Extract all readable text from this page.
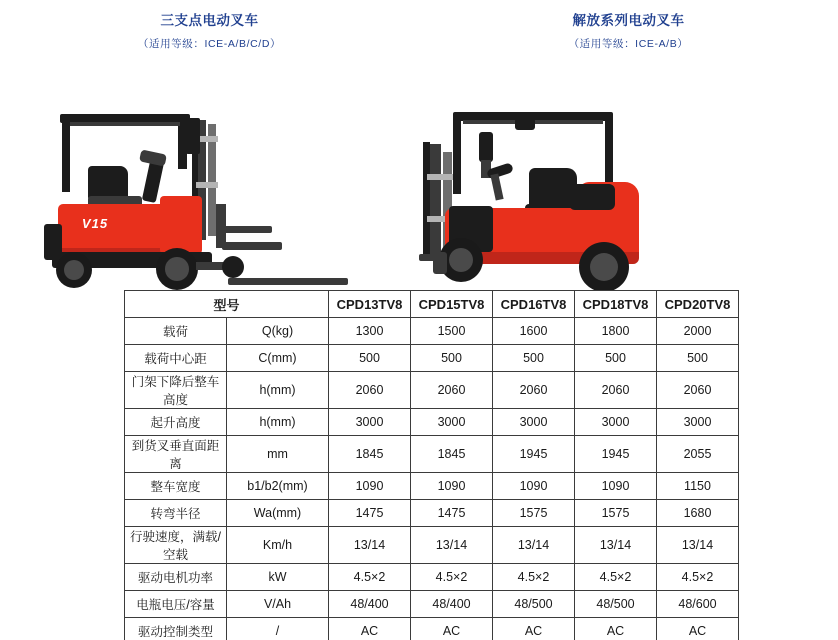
三支点电动叉车
（适用等级：ICE-A/B/C/D）
解放系列电动叉车
（适用等级：ICE-A/B）
V15
型号		CPD13TV8	CPD15TV8	CPD16TV8	CPD18TV8	CPD20TV8
载荷	Q(kg)	1300	1500	1600	1800	2000
载荷中心距	C(mm)	500	500	500	500	500
门架下降后整车高度	h(mm)	2060	2060	2060	2060	2060
起升高度	h(mm)	3000	3000	3000	3000	3000
到货叉垂直面距离	mm	1845	1845	1945	1945	2055
整车宽度	b1/b2(mm)	1090	1090	1090	1090	1150
转弯半径	Wa(mm)	1475	1475	1575	1575	1680
行驶速度，满载/空载	Km/h	13/14	13/14	13/14	13/14	13/14
驱动电机功率	kW	4.5×2	4.5×2	4.5×2	4.5×2	4.5×2
电瓶电压/容量	V/Ah	48/400	48/400	48/500	48/500	48/600
驱动控制类型	/	AC	AC	AC	AC	AC
